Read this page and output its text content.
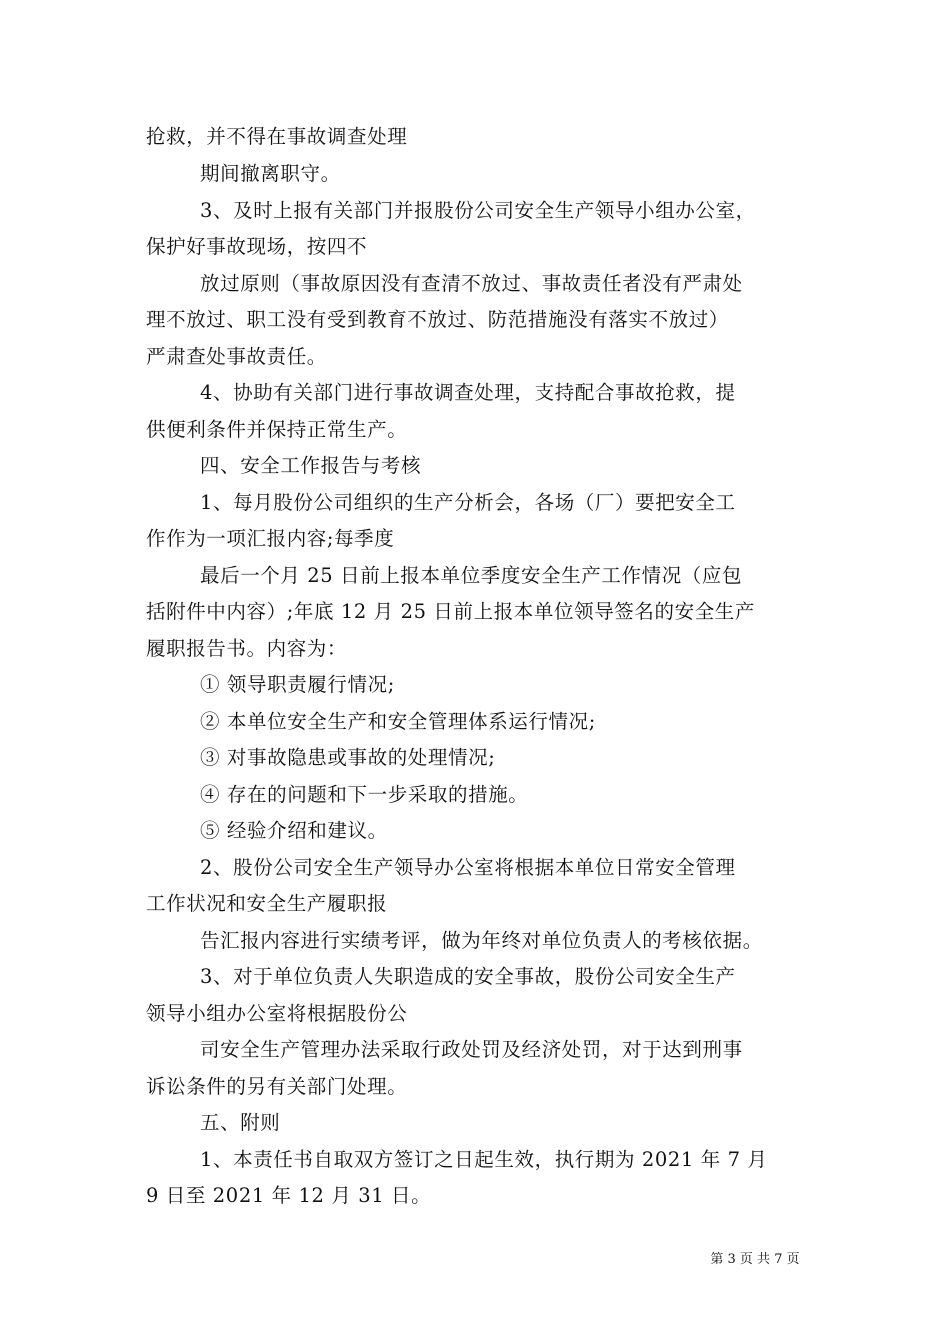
抢救，并不得在事故调查处理
期间撤离职守。
3、及时上报有关部门并报股份公司安全生产领导小组办公室，
保护好事故现场，按四不
放过原则（事故原因没有查清不放过、事故责任者没有严肃处
理不放过、职工没有受到教育不放过、防范措施没有落实不放过）
严肃查处事故责任。
4、协助有关部门进行事故调查处理，支持配合事故抢救，提
供便利条件并保持正常生产。
四、安全工作报告与考核
1、每月股份公司组织的生产分析会，各场（厂）要把安全工
作作为一项汇报内容;每季度
最后一个月 25 日前上报本单位季度安全生产工作情况（应包
括附件中内容）;年底 12 月 25 日前上报本单位领导签名的安全生产
履职报告书。内容为：
① 领导职责履行情况;
② 本单位安全生产和安全管理体系运行情况;
③ 对事故隐患或事故的处理情况;
④ 存在的问题和下一步采取的措施。
⑤ 经验介绍和建议。
2、股份公司安全生产领导办公室将根据本单位日常安全管理
工作状况和安全生产履职报
告汇报内容进行实绩考评，做为年终对单位负责人的考核依据。
3、对于单位负责人失职造成的安全事故，股份公司安全生产
领导小组办公室将根据股份公
司安全生产管理办法采取行政处罚及经济处罚，对于达到刑事
诉讼条件的另有关部门处理。
五、附则
1、本责任书自取双方签订之日起生效，执行期为 2021 年 7 月
9 日至 2021 年 12 月 31 日。
第 3 页 共 7 页
